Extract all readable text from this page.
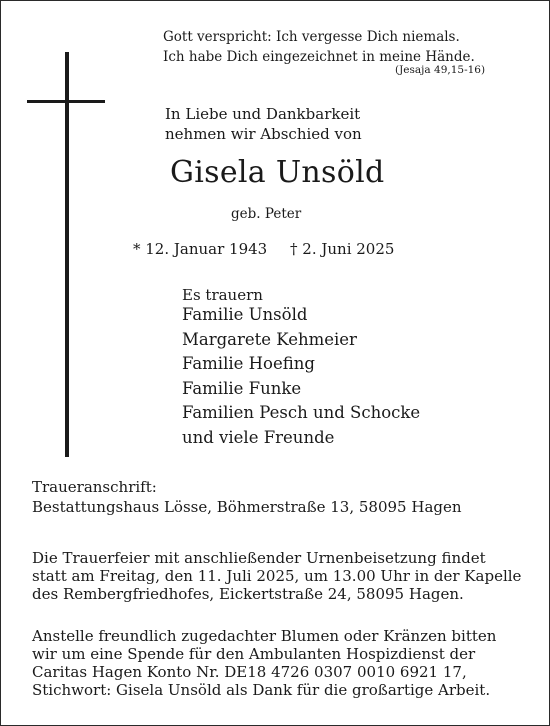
Gott verspricht: Ich vergesse Dich niemals.
Ich habe Dich eingezeichnet in meine Hände.
(Jesaja 49,15-16)
In Liebe und Dankbarkeit
nehmen wir Abschied von
Gisela Unsöld
geb. Peter
* 12. Januar 1943 † 2. Juni 2025
Es trauern
Familie Unsöld
Margarete Kehmeier
Familie Hoefing
Familie Funke
Familien Pesch und Schocke
und viele Freunde
Traueranschrift:
Bestattungshaus Lösse, Böhmerstraße 13, 58095 Hagen
Die Trauerfeier mit anschließender Urnenbeisetzung findet
statt am Freitag, den 11. Juli 2025, um 13.00 Uhr in der Kapelle
des Rembergfriedhofes, Eickertstraße 24, 58095 Hagen.
Anstelle freundlich zugedachter Blumen oder Kränzen bitten
wir um eine Spende für den Ambulanten Hospizdienst der
Caritas Hagen Konto Nr. DE18 4726 0307 0010 6921 17,
Stichwort: Gisela Unsöld als Dank für die großartige Arbeit.
